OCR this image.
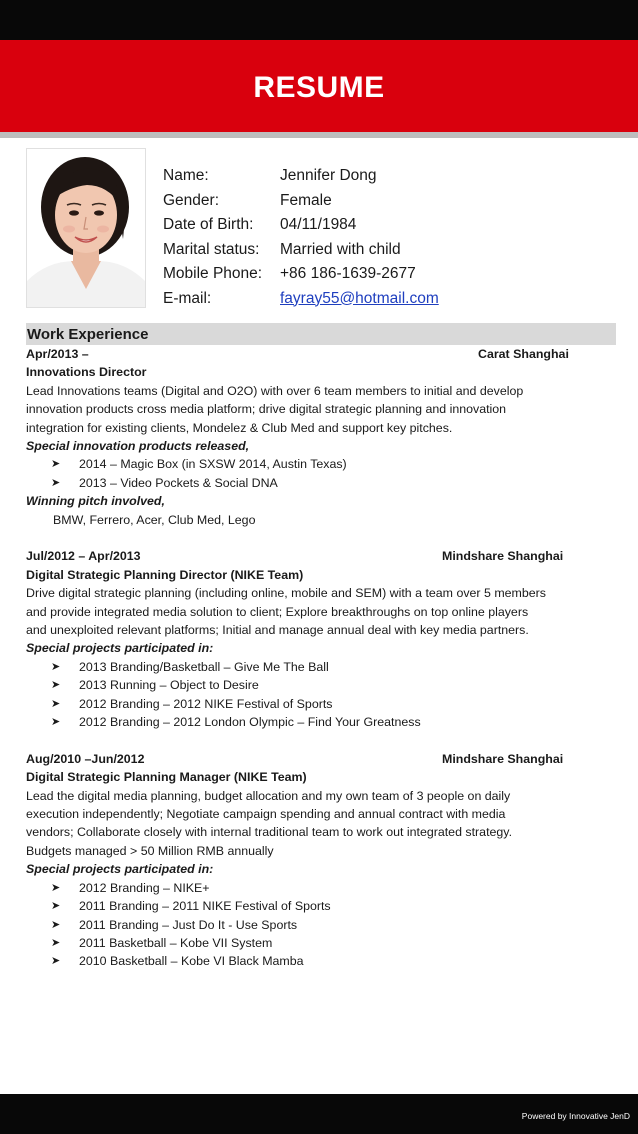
RESUME
Name:	Jennifer Dong
Gender:	Female
Date of Birth:	04/11/1984
Marital status:	Married with child
Mobile Phone:	+86 186-1639-2677
E-mail:	fayray55@hotmail.com
Work Experience
Apr/2013 –	Carat Shanghai
Innovations Director
Lead Innovations teams (Digital and O2O) with over 6 team members to initial and develop
innovation products cross media platform; drive digital strategic planning and innovation
integration for existing clients, Mondelez & Club Med and support key pitches.
Special innovation products released,
➤ 2014 – Magic Box (in SXSW 2014, Austin Texas)
➤ 2013 – Video Pockets & Social DNA
Winning pitch involved,
BMW, Ferrero, Acer, Club Med, Lego
Jul/2012 – Apr/2013	Mindshare Shanghai
Digital Strategic Planning Director (NIKE Team)
Drive digital strategic planning (including online, mobile and SEM) with a team over 5 members
and provide integrated media solution to client; Explore breakthroughs on top online players
and unexploited relevant platforms; Initial and manage annual deal with key media partners.
Special projects participated in:
➤ 2013 Branding/Basketball – Give Me The Ball
➤ 2013 Running – Object to Desire
➤ 2012 Branding – 2012 NIKE Festival of Sports
➤ 2012 Branding – 2012 London Olympic – Find Your Greatness
Aug/2010 –Jun/2012	Mindshare Shanghai
Digital Strategic Planning Manager (NIKE Team)
Lead the digital media planning, budget allocation and my own team of 3 people on daily
execution independently; Negotiate campaign spending and annual contract with media
vendors; Collaborate closely with internal traditional team to work out integrated strategy.
Budgets managed > 50 Million RMB annually
Special projects participated in:
➤ 2012 Branding – NIKE+
➤ 2011 Branding – 2011 NIKE Festival of Sports
➤ 2011 Branding – Just Do It - Use Sports
➤ 2011 Basketball – Kobe VII System
➤ 2010 Basketball – Kobe VI Black Mamba
Powered by Innovative JenD
